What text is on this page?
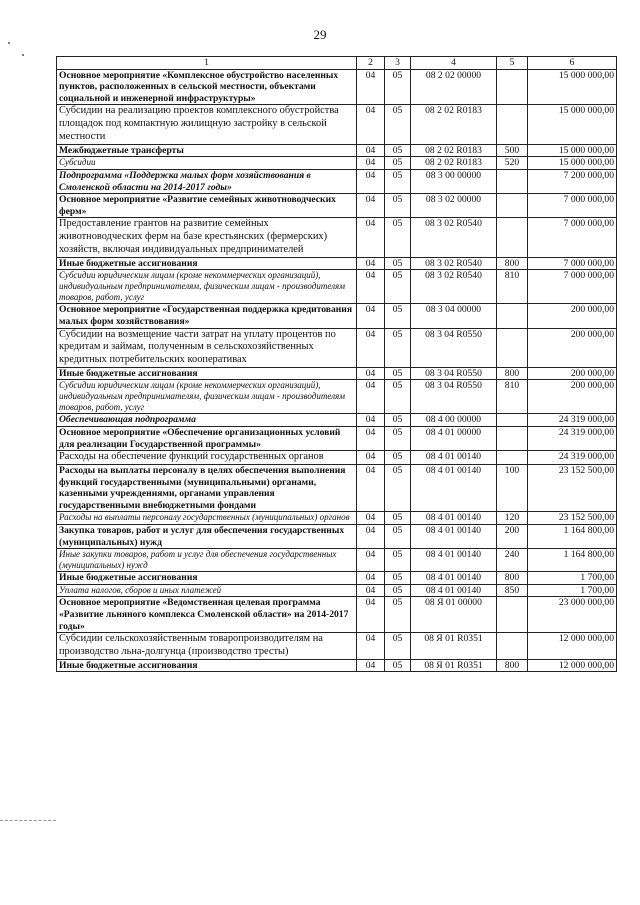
29
1	2	3	4	5	6
Основное мероприятие «Комплексное обустройство населенных пунктов, расположенных в сельской местности, объектами социальной и инженерной инфраструктуры»	04	05	08 2 02 00000		15 000 000,00
Субсидии на реализацию проектов комплексного обустройства площадок под компактную жилищную застройку в сельской местности	04	05	08 2 02 R0183		15 000 000,00
Межбюджетные трансферты	04	05	08 2 02 R0183	500	15 000 000,00
Субсидии	04	05	08 2 02 R0183	520	15 000 000,00
Подпрограмма «Поддержка малых форм хозяйствования в Смоленской области на 2014-2017 годы»	04	05	08 3 00 00000		7 200 000,00
Основное мероприятие «Развитие семейных животноводческих ферм»	04	05	08 3 02 00000		7 000 000,00
Предоставление грантов на развитие семейных животноводческих ферм на базе крестьянских (фермерских) хозяйств, включая индивидуальных предпринимателей	04	05	08 3 02 R0540		7 000 000,00
Иные бюджетные ассигнования	04	05	08 3 02 R0540	800	7 000 000,00
Субсидии юридическим лицам (кроме некоммерческих организаций), индивидуальным предпринимателям, физическим лицам - производителям товаров, работ, услуг	04	05	08 3 02 R0540	810	7 000 000,00
Основное мероприятие «Государственная поддержка кредитования малых форм хозяйствования»	04	05	08 3 04 00000		200 000,00
Субсидии на возмещение части затрат на уплату процентов по кредитам и займам, полученным в сельскохозяйственных кредитных потребительских кооперативах	04	05	08 3 04 R0550		200 000,00
Иные бюджетные ассигнования	04	05	08 3 04 R0550	800	200 000,00
Субсидии юридическим лицам (кроме некоммерческих организаций), индивидуальным предпринимателям, физическим лицам - производителям товаров, работ, услуг	04	05	08 3 04 R0550	810	200 000,00
Обеспечивающая подпрограмма	04	05	08 4 00 00000		24 319 000,00
Основное мероприятие «Обеспечение организационных условий для реализации Государственной программы»	04	05	08 4 01 00000		24 319 000,00
Расходы на обеспечение функций государственных органов	04	05	08 4 01 00140		24 319 000,00
Расходы на выплаты персоналу в целях обеспечения выполнения функций государственными (муниципальными) органами, казенными учреждениями, органами управления государственными внебюджетными фондами	04	05	08 4 01 00140	100	23 152 500,00
Расходы на выплаты персоналу государственных (муниципальных) органов	04	05	08 4 01 00140	120	23 152 500,00
Закупка товаров, работ и услуг для обеспечения государственных (муниципальных) нужд	04	05	08 4 01 00140	200	1 164 800,00
Иные закупки товаров, работ и услуг для обеспечения государственных (муниципальных) нужд	04	05	08 4 01 00140	240	1 164 800,00
Иные бюджетные ассигнования	04	05	08 4 01 00140	800	1 700,00
Уплата налогов, сборов и иных платежей	04	05	08 4 01 00140	850	1 700,00
Основное мероприятие «Ведомственная целевая программа «Развитие льняного комплекса Смоленской области» на 2014-2017 годы»	04	05	08 Я 01 00000		23 000 000,00
Субсидии сельскохозяйственным товаропроизводителям на производство льна-долгунца (производство тресты)	04	05	08 Я 01 R0351		12 000 000,00
Иные бюджетные ассигнования	04	05	08 Я 01 R0351	800	12 000 000,00
